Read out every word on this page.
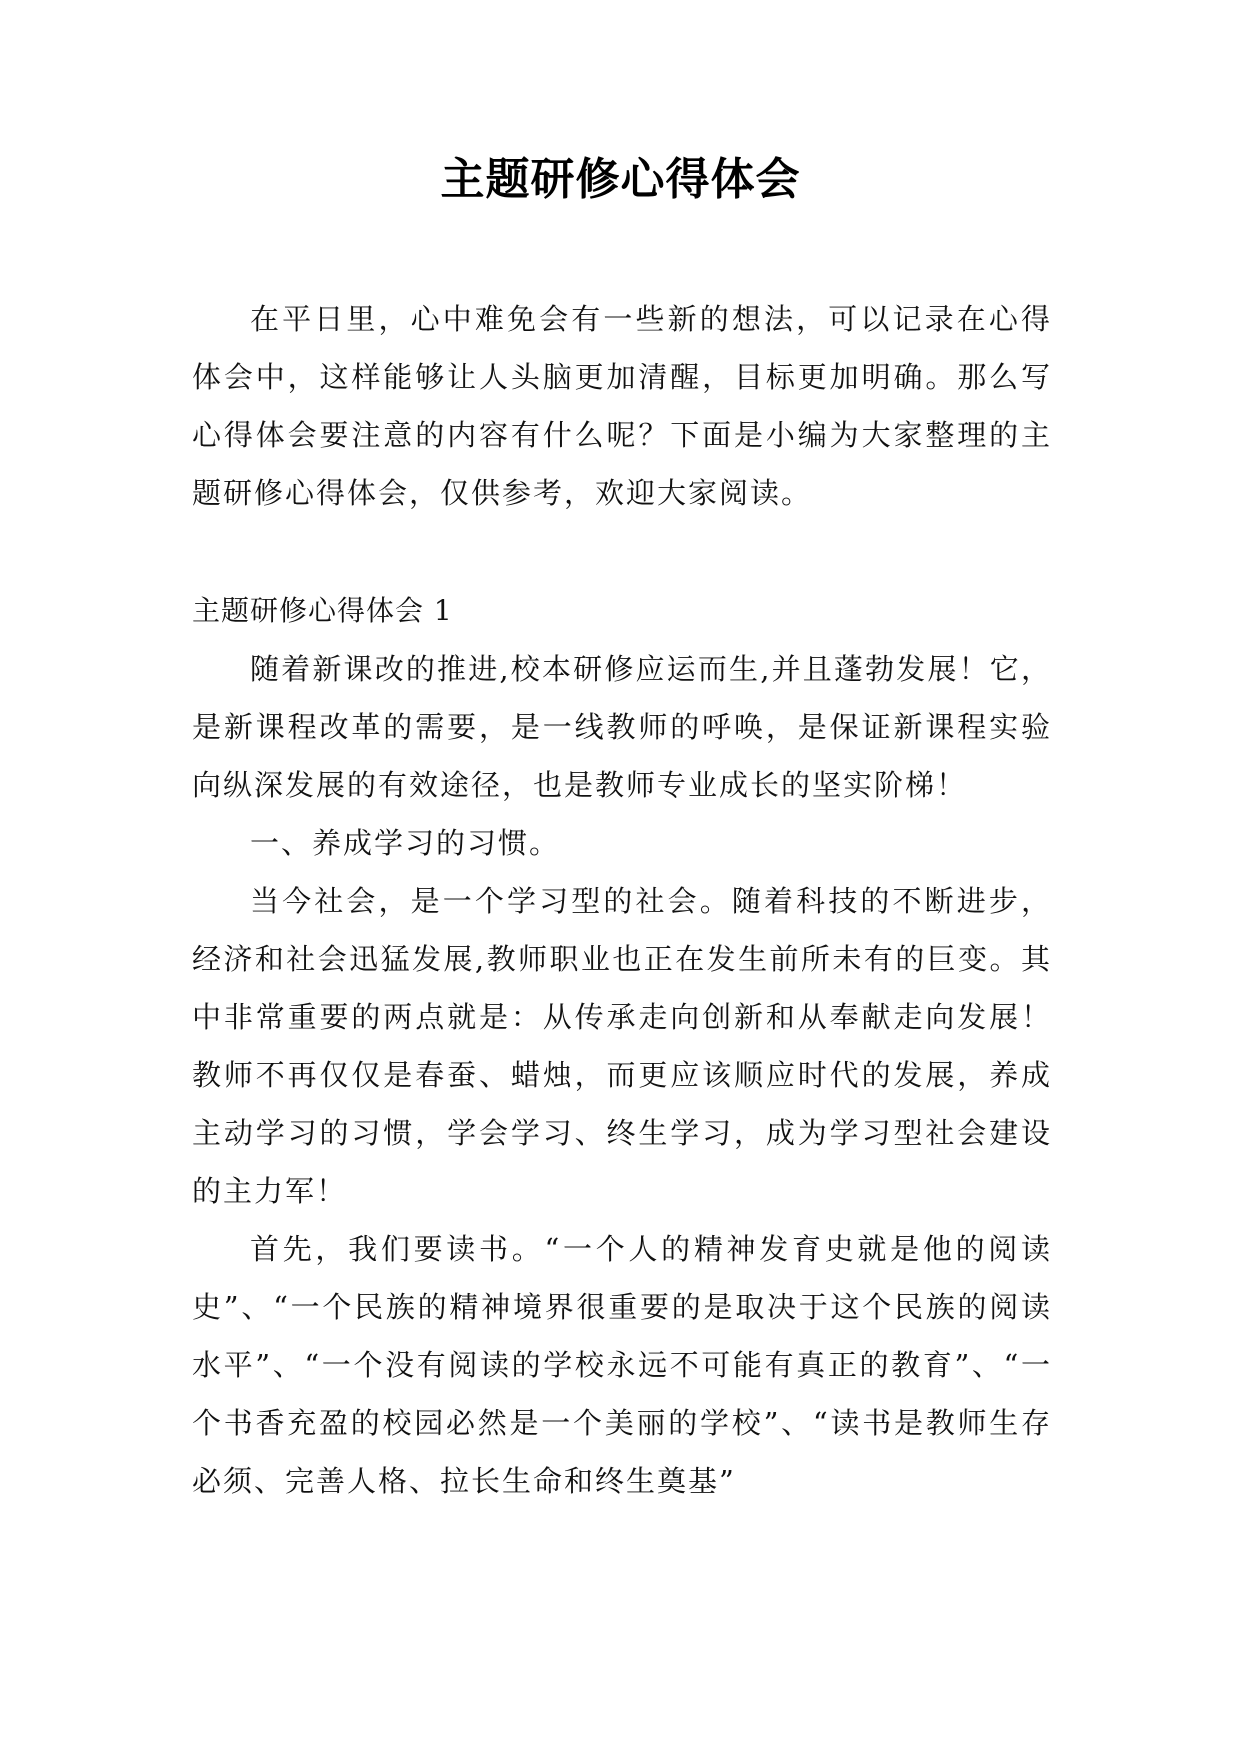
主题研修心得体会

在平日里，心中难免会有一些新的想法，可以记录在心得体会中，这样能够让人头脑更加清醒，目标更加明确。那么写心得体会要注意的内容有什么呢？下面是小编为大家整理的主题研修心得体会，仅供参考，欢迎大家阅读。

主题研修心得体会 1

随着新课改的推进,校本研修应运而生,并且蓬勃发展！它，是新课程改革的需要，是一线教师的呼唤，是保证新课程实验向纵深发展的有效途径，也是教师专业成长的坚实阶梯！

一、养成学习的习惯。

当今社会，是一个学习型的社会。随着科技的不断进步，经济和社会迅猛发展,教师职业也正在发生前所未有的巨变。其中非常重要的两点就是：从传承走向创新和从奉献走向发展！教师不再仅仅是春蚕、蜡烛，而更应该顺应时代的发展，养成主动学习的习惯，学会学习、终生学习，成为学习型社会建设的主力军！

首先，我们要读书。“一个人的精神发育史就是他的阅读史”、“一个民族的精神境界很重要的是取决于这个民族的阅读水平”、“一个没有阅读的学校永远不可能有真正的教育”、“一个书香充盈的校园必然是一个美丽的学校”、“读书是教师生存必须、完善人格、拉长生命和终生奠基”
